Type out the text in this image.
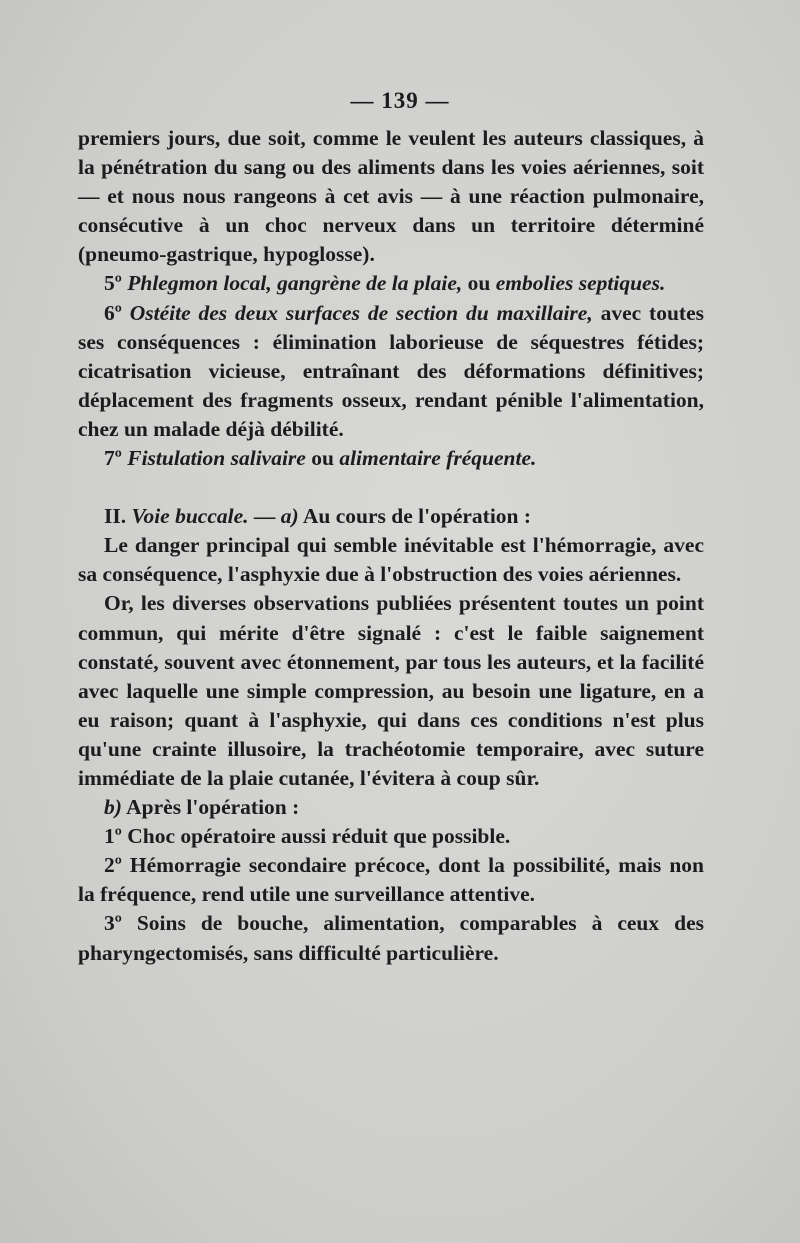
— 139 —

premiers jours, due soit, comme le veulent les auteurs classiques, à la pénétration du sang ou des aliments dans les voies aériennes, soit — et nous nous rangeons à cet avis — à une réaction pulmonaire, consécutive à un choc nerveux dans un territoire déterminé (pneumo-gastrique, hypoglosse).

5º Phlegmon local, gangrène de la plaie, ou embolies septiques.

6º Ostéite des deux surfaces de section du maxillaire, avec toutes ses conséquences : élimination laborieuse de séquestres fétides; cicatrisation vicieuse, entraînant des déformations définitives; déplacement des fragments osseux, rendant pénible l'alimentation, chez un malade déjà débilité.

7º Fistulation salivaire ou alimentaire fréquente.

II. Voie buccale. — a) Au cours de l'opération :

Le danger principal qui semble inévitable est l'hémorragie, avec sa conséquence, l'asphyxie due à l'obstruction des voies aériennes.

Or, les diverses observations publiées présentent toutes un point commun, qui mérite d'être signalé : c'est le faible saignement constaté, souvent avec étonnement, par tous les auteurs, et la facilité avec laquelle une simple compression, au besoin une ligature, en a eu raison; quant à l'asphyxie, qui dans ces conditions n'est plus qu'une crainte illusoire, la trachéotomie temporaire, avec suture immédiate de la plaie cutanée, l'évitera à coup sûr.

b) Après l'opération :

1º Choc opératoire aussi réduit que possible.

2º Hémorragie secondaire précoce, dont la possibilité, mais non la fréquence, rend utile une surveillance attentive.

3º Soins de bouche, alimentation, comparables à ceux des pharyngectomisés, sans difficulté particulière.
